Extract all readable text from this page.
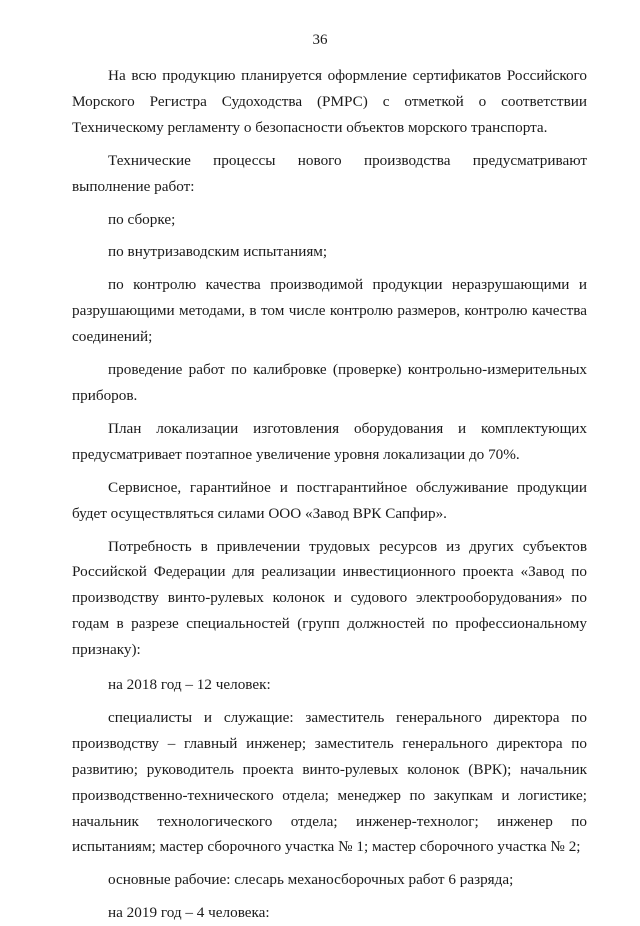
36
На всю продукцию планируется оформление сертификатов Российского Морского Регистра Судоходства (РМРС) с отметкой о соответствии Техническому регламенту о безопасности объектов морского транспорта.
Технические процессы нового производства предусматривают выполнение работ:
по сборке;
по внутризаводским испытаниям;
по контролю качества производимой продукции неразрушающими и разрушающими методами, в том числе контролю размеров, контролю качества соединений;
проведение работ по калибровке (проверке) контрольно-измерительных приборов.
План локализации изготовления оборудования и комплектующих предусматривает поэтапное увеличение уровня локализации до 70%.
Сервисное, гарантийное и постгарантийное обслуживание продукции будет осуществляться силами ООО «Завод ВРК Сапфир».
Потребность в привлечении трудовых ресурсов из других субъектов Российской Федерации для реализации инвестиционного проекта «Завод по производству винто-рулевых колонок и судового электрооборудования» по годам в разрезе специальностей (групп должностей по профессиональному признаку):
на 2018 год – 12 человек:
специалисты и служащие: заместитель генерального директора по производству – главный инженер; заместитель генерального директора по развитию; руководитель проекта винто-рулевых колонок (ВРК); начальник производственно-технического отдела; менеджер по закупкам и логистике; начальник технологического отдела; инженер-технолог; инженер по испытаниям; мастер сборочного участка № 1; мастер сборочного участка № 2;
основные рабочие: слесарь механосборочных работ 6 разряда;
на 2019 год – 4 человека:
